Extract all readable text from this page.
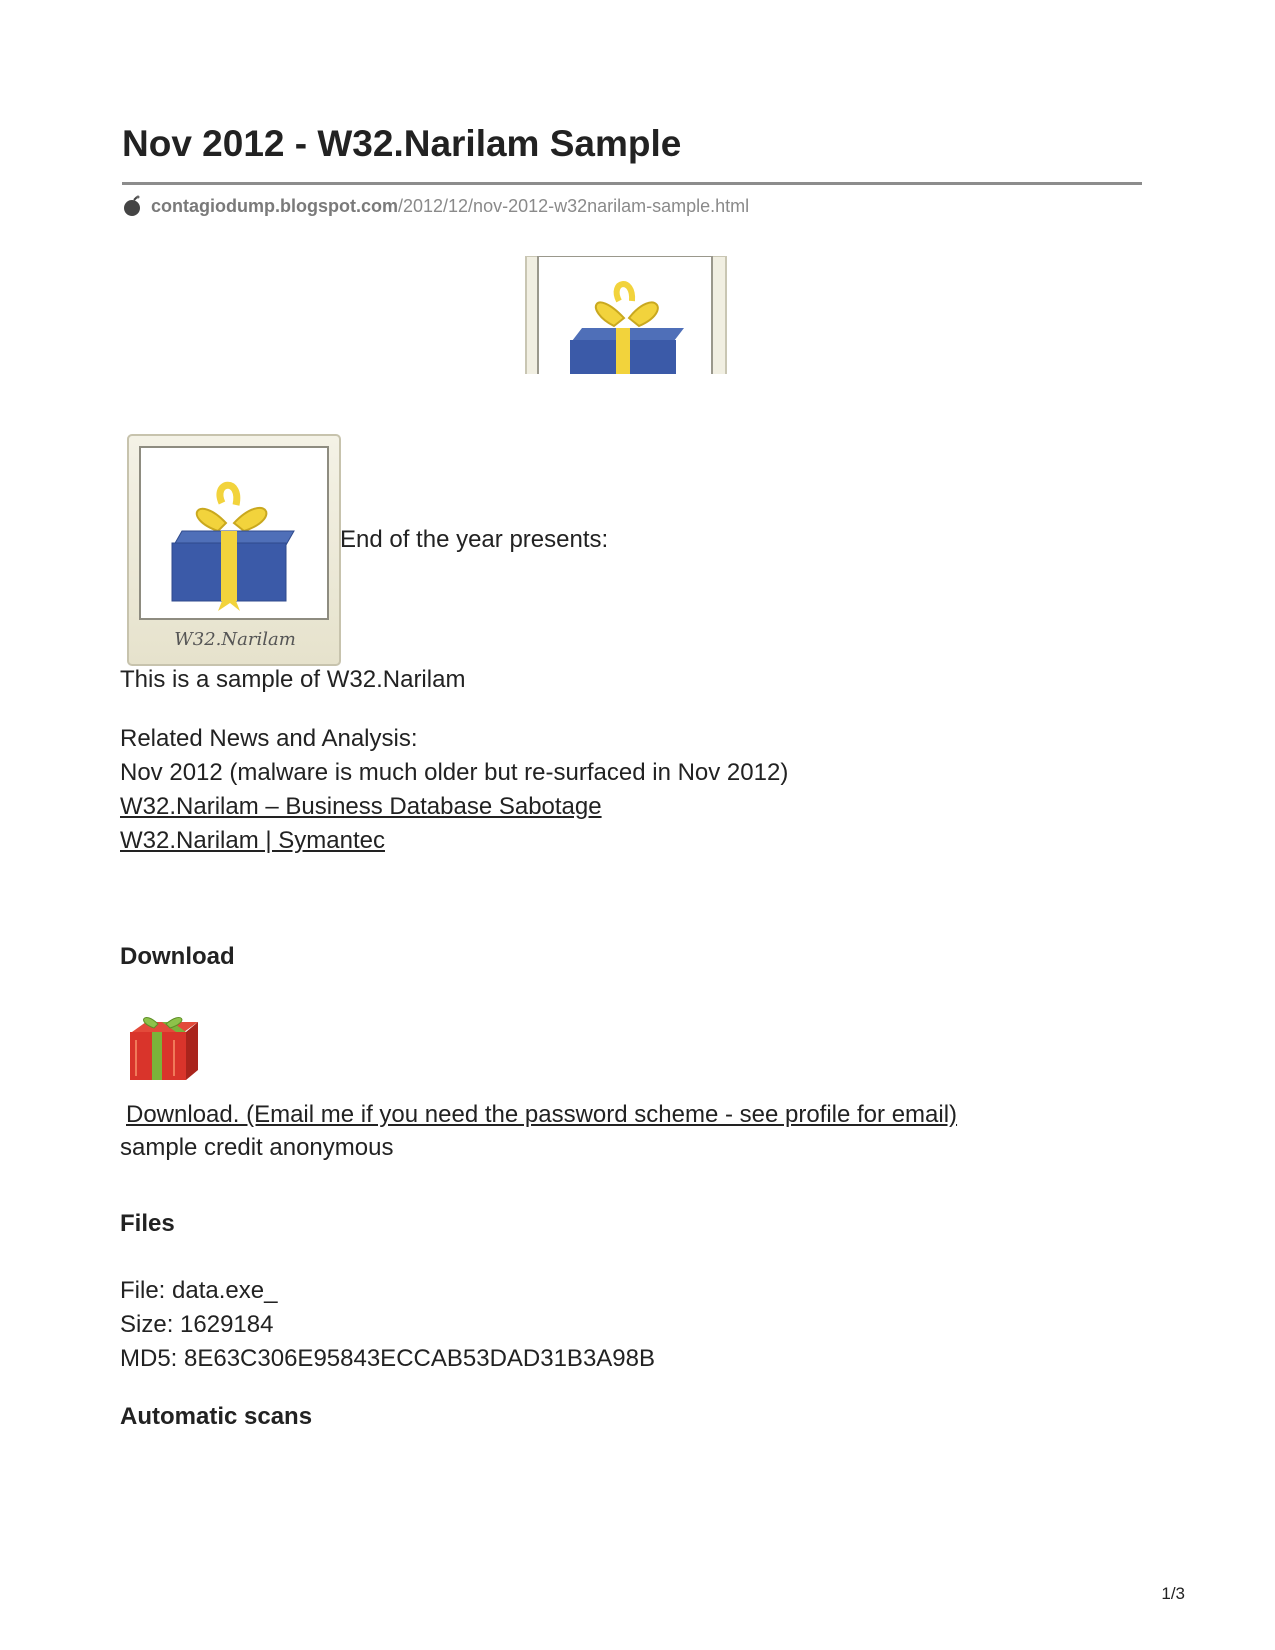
Nov 2012 - W32.Narilam Sample
contagiodump.blogspot.com/2012/12/nov-2012-w32narilam-sample.html
W32.Narilam
End of the year presents:
This is a sample of W32.Narilam
Related News and Analysis:
Nov 2012 (malware is much older but re-surfaced in Nov 2012)
W32.Narilam – Business Database Sabotage
W32.Narilam | Symantec
Download
Download. (Email me if you need the password scheme - see profile for email)
sample credit anonymous
Files
File: data.exe_
Size: 1629184
MD5: 8E63C306E95843ECCAB53DAD31B3A98B
Automatic scans
1/3
